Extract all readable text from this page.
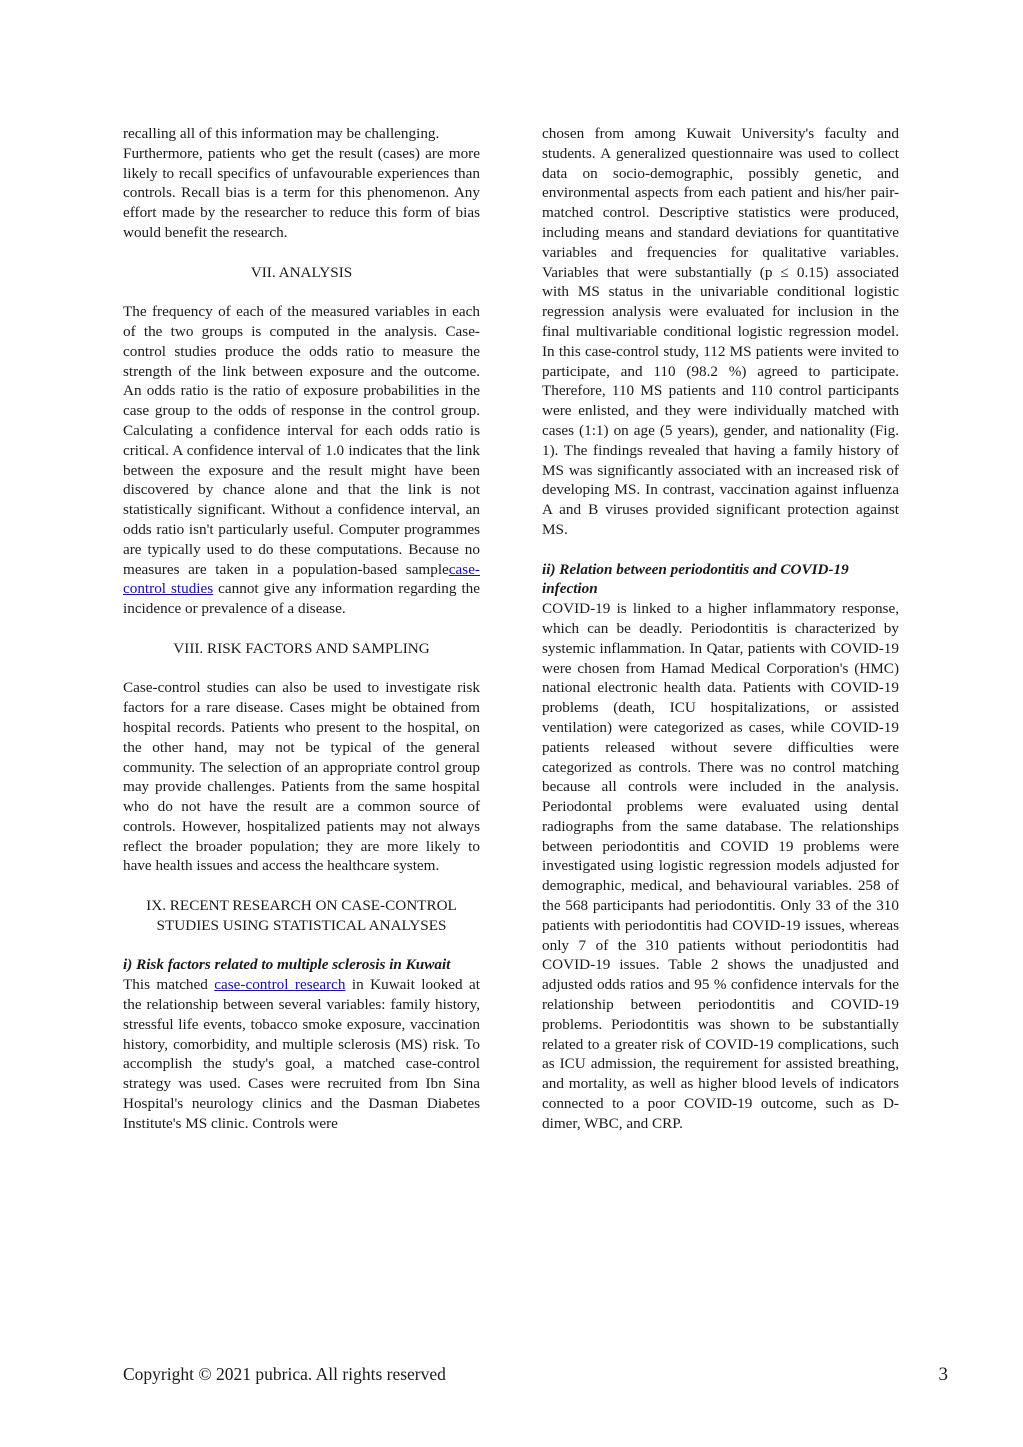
recalling all of this information may be challenging.

Furthermore, patients who get the result (cases) are more likely to recall specifics of unfavourable experiences than controls. Recall bias is a term for this phenomenon. Any effort made by the researcher to reduce this form of bias would benefit the research.

VII. ANALYSIS

The frequency of each of the measured variables in each of the two groups is computed in the analysis. Case-control studies produce the odds ratio to measure the strength of the link between exposure and the outcome. An odds ratio is the ratio of exposure probabilities in the case group to the odds of response in the control group. Calculating a confidence interval for each odds ratio is critical. A confidence interval of 1.0 indicates that the link between the exposure and the result might have been discovered by chance alone and that the link is not statistically significant. Without a confidence interval, an odds ratio isn't particularly useful. Computer programmes are typically used to do these computations. Because no measures are taken in a population-based samplecase-control studies cannot give any information regarding the incidence or prevalence of a disease.

VIII. RISK FACTORS AND SAMPLING

Case-control studies can also be used to investigate risk factors for a rare disease. Cases might be obtained from hospital records. Patients who present to the hospital, on the other hand, may not be typical of the general community. The selection of an appropriate control group may provide challenges. Patients from the same hospital who do not have the result are a common source of controls. However, hospitalized patients may not always reflect the broader population; they are more likely to have health issues and access the healthcare system.

IX. RECENT RESEARCH ON CASE-CONTROL

STUDIES USING STATISTICAL ANALYSES

i) Risk factors related to multiple sclerosis in Kuwait

This matched case-control research in Kuwait looked at the relationship between several variables: family history, stressful life events, tobacco smoke exposure, vaccination history, comorbidity, and multiple sclerosis (MS) risk. To accomplish the study's goal, a matched case-control strategy was used. Cases were recruited from Ibn Sina Hospital's neurology clinics and the Dasman Diabetes Institute's MS clinic. Controls were

chosen from among Kuwait University's faculty and students. A generalized questionnaire was used to collect data on socio-demographic, possibly genetic, and environmental aspects from each patient and his/her pair-matched control. Descriptive statistics were produced, including means and standard deviations for quantitative variables and frequencies for qualitative variables. Variables that were substantially (p ≤ 0.15) associated with MS status in the univariable conditional logistic regression analysis were evaluated for inclusion in the final multivariable conditional logistic regression model. In this case-control study, 112 MS patients were invited to participate, and 110 (98.2 %) agreed to participate. Therefore, 110 MS patients and 110 control participants were enlisted, and they were individually matched with cases (1:1) on age (5 years), gender, and nationality (Fig. 1). The findings revealed that having a family history of MS was significantly associated with an increased risk of developing MS. In contrast, vaccination against influenza A and B viruses provided significant protection against MS.

ii) Relation between periodontitis and COVID-19 infection

COVID-19 is linked to a higher inflammatory response, which can be deadly. Periodontitis is characterized by systemic inflammation. In Qatar, patients with COVID-19 were chosen from Hamad Medical Corporation's (HMC) national electronic health data. Patients with COVID-19 problems (death, ICU hospitalizations, or assisted ventilation) were categorized as cases, while COVID-19 patients released without severe difficulties were categorized as controls. There was no control matching because all controls were included in the analysis. Periodontal problems were evaluated using dental radiographs from the same database. The relationships between periodontitis and COVID 19 problems were investigated using logistic regression models adjusted for demographic, medical, and behavioural variables. 258 of the 568 participants had periodontitis. Only 33 of the 310 patients with periodontitis had COVID-19 issues, whereas only 7 of the 310 patients without periodontitis had COVID-19 issues. Table 2 shows the unadjusted and adjusted odds ratios and 95 % confidence intervals for the relationship between periodontitis and COVID-19 problems. Periodontitis was shown to be substantially related to a greater risk of COVID-19 complications, such as ICU admission, the requirement for assisted breathing, and mortality, as well as higher blood levels of indicators connected to a poor COVID-19 outcome, such as D-dimer, WBC, and CRP.

Copyright © 2021 pubrica. All rights reserved	3
